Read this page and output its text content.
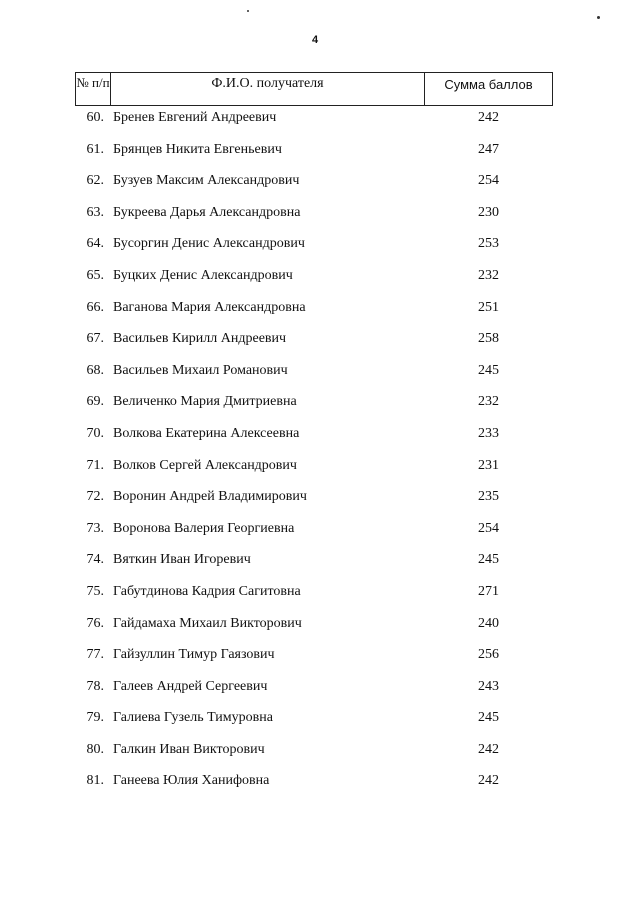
4
№ п/п	Ф.И.О. получателя	Сумма баллов
60. Бренев Евгений Андреевич	242
61. Брянцев Никита Евгеньевич	247
62. Бузуев Максим Александрович	254
63. Букреева Дарья Александровна	230
64. Бусоргин Денис Александрович	253
65. Буцких Денис Александрович	232
66. Ваганова Мария Александровна	251
67. Васильев Кирилл Андреевич	258
68. Васильев Михаил Романович	245
69. Величенко Мария Дмитриевна	232
70. Волкова Екатерина Алексеевна	233
71. Волков Сергей Александрович	231
72. Воронин Андрей Владимирович	235
73. Воронова Валерия Георгиевна	254
74. Вяткин Иван Игоревич	245
75. Габутдинова Кадрия Сагитовна	271
76. Гайдамаха Михаил Викторович	240
77. Гайзуллин Тимур Гаязович	256
78. Галеев Андрей Сергеевич	243
79. Галиева Гузель Тимуровна	245
80. Галкин Иван Викторович	242
81. Ганеева Юлия Ханифовна	242
